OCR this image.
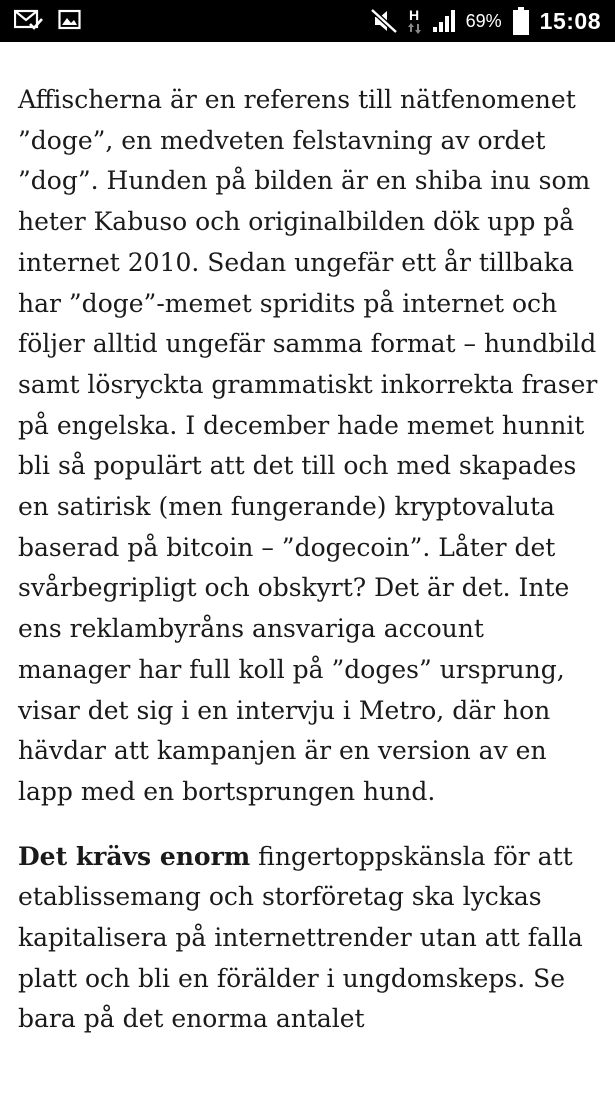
H	69% 15:08

Affischerna är en referens till nätfenomenet ”doge”, en medveten felstavning av ordet ”dog”. Hunden på bilden är en shiba inu som heter Kabuso och originalbilden dök upp på internet 2010. Sedan ungefär ett år tillbaka har ”doge”-memet spridits på internet och följer alltid ungefär samma format – hundbild samt lösryckta grammatiskt inkorrekta fraser på engelska. I december hade memet hunnit bli så populärt att det till och med skapades en satirisk (men fungerande) kryptovaluta baserad på bitcoin – ”dogecoin”. Låter det svårbegripligt och obskyrt? Det är det. Inte ens reklambyråns ansvariga account manager har full koll på ”doges” ursprung, visar det sig i en intervju i Metro, där hon hävdar att kampanjen är en version av en lapp med en bortsprungen hund.

Det krävs enorm fingertoppskänsla för att etablissemang och storföretag ska lyckas kapitalisera på internettrender utan att falla platt och bli en förälder i ungdomskeps. Se bara på det enorma antalet
